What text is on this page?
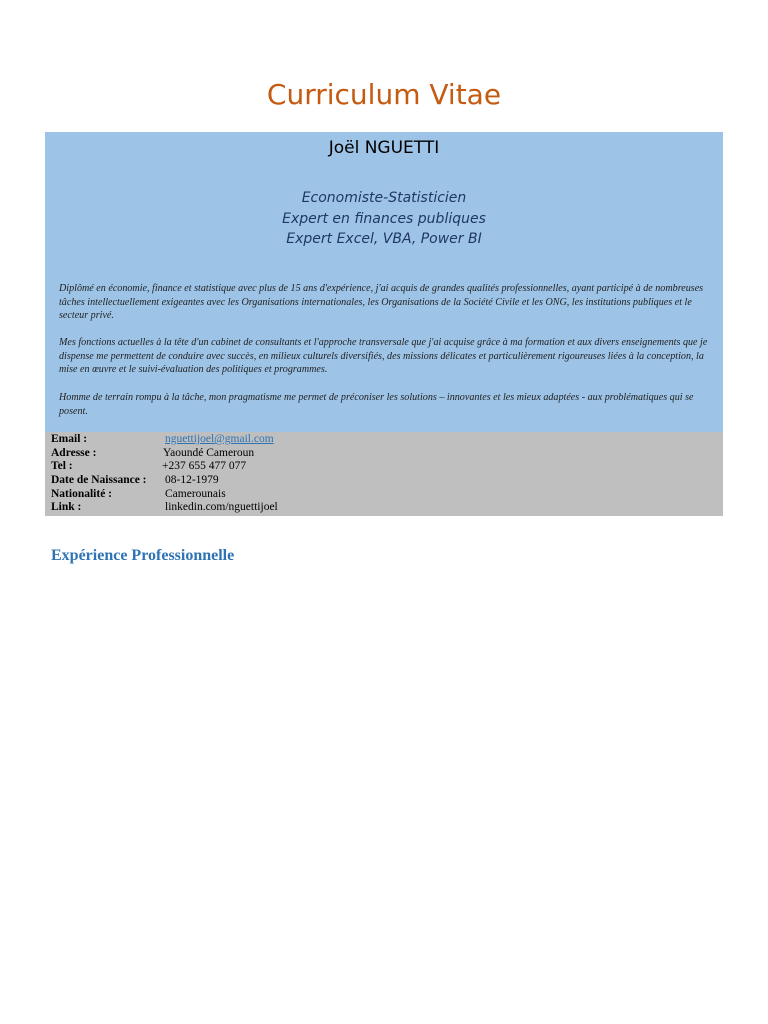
Curriculum Vitae
Joël NGUETTI
Economiste-Statisticien
Expert en finances publiques
Expert Excel, VBA, Power BI
Diplômé en économie, finance et statistique avec plus de 15 ans d'expérience, j'ai acquis de grandes qualités professionnelles, ayant participé à de nombreuses tâches intellectuellement exigeantes avec les Organisations internationales, les Organisations de la Société Civile et les ONG, les institutions publiques et le secteur privé.
Mes fonctions actuelles à la tête d'un cabinet de consultants et l'approche transversale que j'ai acquise grâce à ma formation et aux divers enseignements que je dispense me permettent de conduire avec succès, en milieux culturels diversifiés, des missions délicates et particulièrement rigoureuses liées à la conception, la mise en œuvre et le suivi-évaluation des politiques et programmes.
Homme de terrain rompu à la tâche, mon pragmatisme me permet de préconiser les solutions – innovantes et les mieux adaptées - aux problématiques qui se posent.
Email :	nguettijoel@gmail.com
Adresse :	Yaoundé Cameroun
Tel :	+237 655 477 077
Date de Naissance : 08-12-1979
Nationalité :	Camerounais
Link :	linkedin.com/nguettijoel
Expérience Professionnelle
